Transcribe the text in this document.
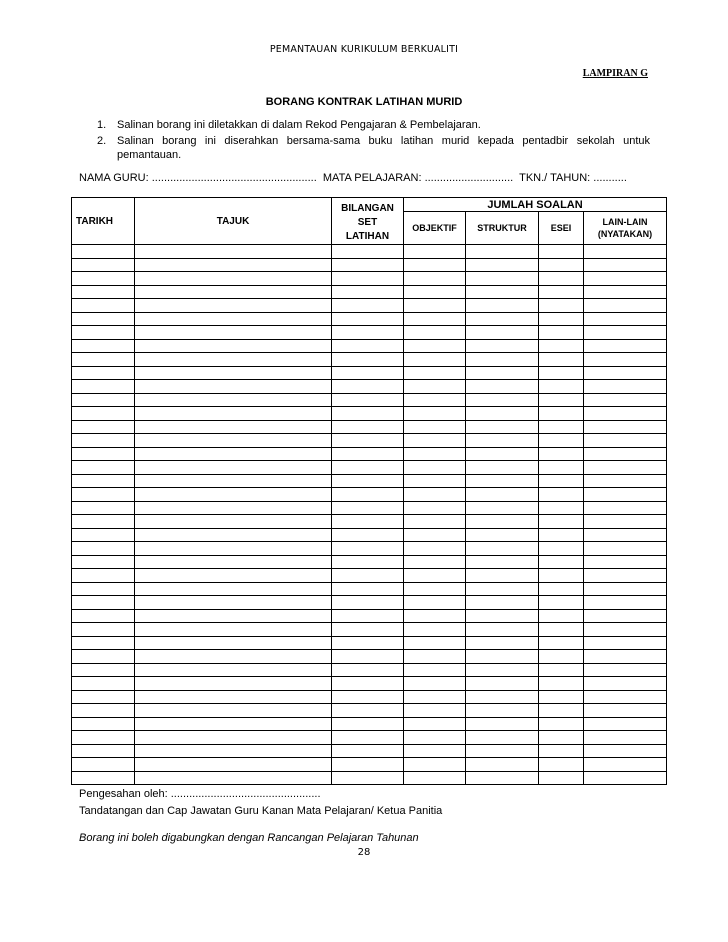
PEMANTAUAN KURIKULUM BERKUALITI
LAMPIRAN G
BORANG KONTRAK LATIHAN MURID
1. Salinan borang ini diletakkan di dalam Rekod Pengajaran & Pembelajaran.
2. Salinan borang ini diserahkan bersama-sama buku latihan murid kepada pentadbir sekolah untuk pemantauan.
NAMA GURU: ...................................................... MATA PELAJARAN: ............................. TKN./ TAHUN: ...........
TARIKH	TAJUK	BILANGAN
SET
LATIHAN	JUMLAH SOALAN			
			OBJEKTIF	STRUKTUR	ESEI	LAIN-LAIN
(NYATAKAN)

Pengesahan oleh: .................................................
Tandatangan dan Cap Jawatan Guru Kanan Mata Pelajaran/ Ketua Panitia
Borang ini boleh digabungkan dengan Rancangan Pelajaran Tahunan
28
